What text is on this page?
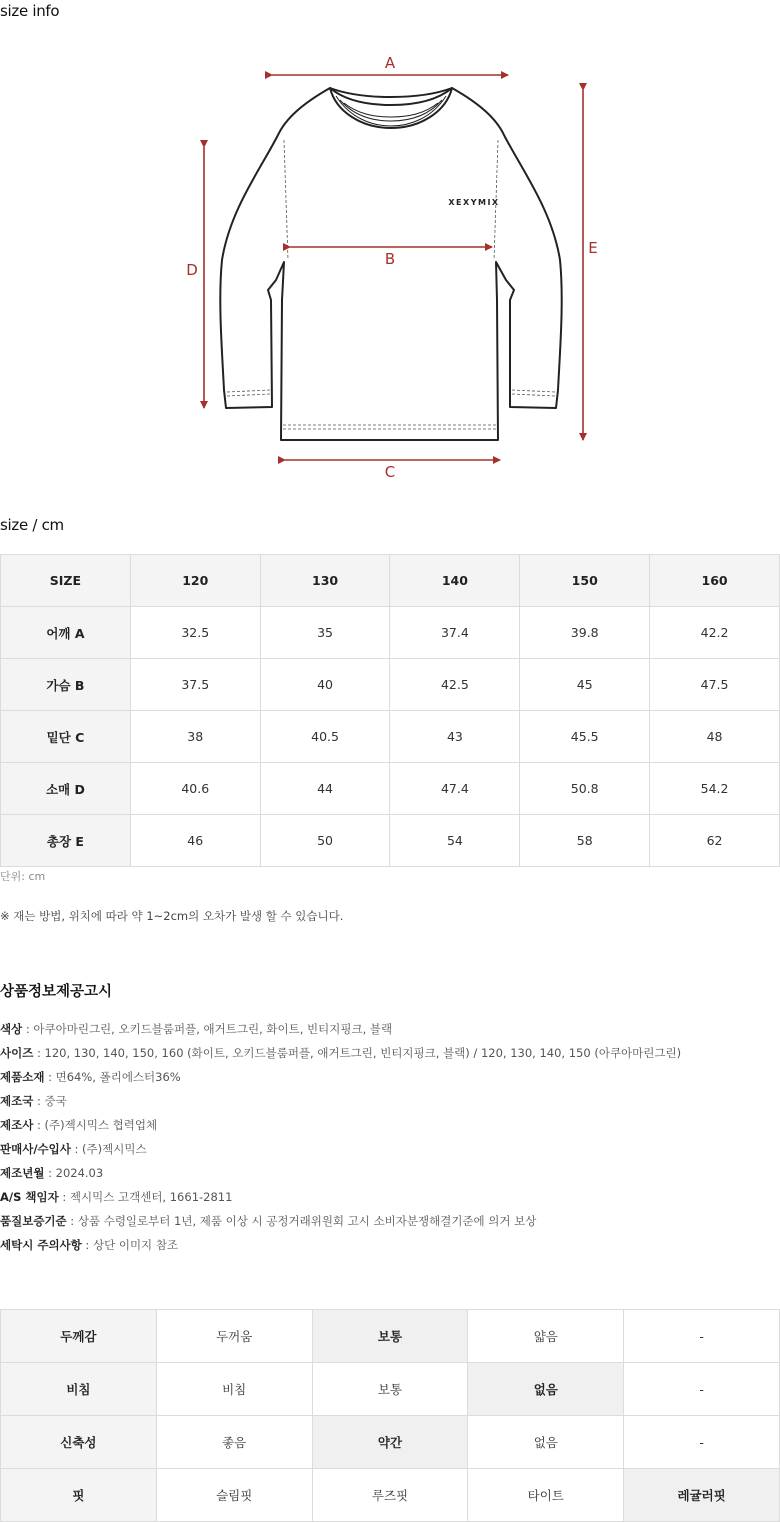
size info
XEXYMIX
A
B
C
D
E
size / cm
SIZE	120	130	140	150	160
어깨 A	32.5	35	37.4	39.8	42.2
가슴 B	37.5	40	42.5	45	47.5
밑단 C	38	40.5	43	45.5	48
소매 D	40.6	44	47.4	50.8	54.2
총장 E	46	50	54	58	62
단위: cm
※ 재는 방법, 위치에 따라 약 1~2cm의 오차가 발생 할 수 있습니다.
상품정보제공고시
색상 : 아쿠아마린그린, 오키드블룸퍼플, 애거트그린, 화이트, 빈티지핑크, 블랙
사이즈 : 120, 130, 140, 150, 160 (화이트, 오키드블룸퍼플, 애거트그린, 빈티지핑크, 블랙) / 120, 130, 140, 150 (아쿠아마린그린)
제품소재 : 면64%, 폴리에스터36%
제조국 : 중국
제조사 : (주)젝시믹스 협력업체
판매사/수입사 : (주)젝시믹스
제조년월 : 2024.03
A/S 책임자 : 젝시믹스 고객센터, 1661-2811
품질보증기준 : 상품 수령일로부터 1년, 제품 이상 시 공정거래위원회 고시 소비자분쟁해결기준에 의거 보상
세탁시 주의사항 : 상단 이미지 참조
두께감	두꺼움	보통	얇음	-
비침	비침	보통	없음	-
신축성	좋음	약간	없음	-
핏	슬림핏	루즈핏	타이트	레귤러핏
